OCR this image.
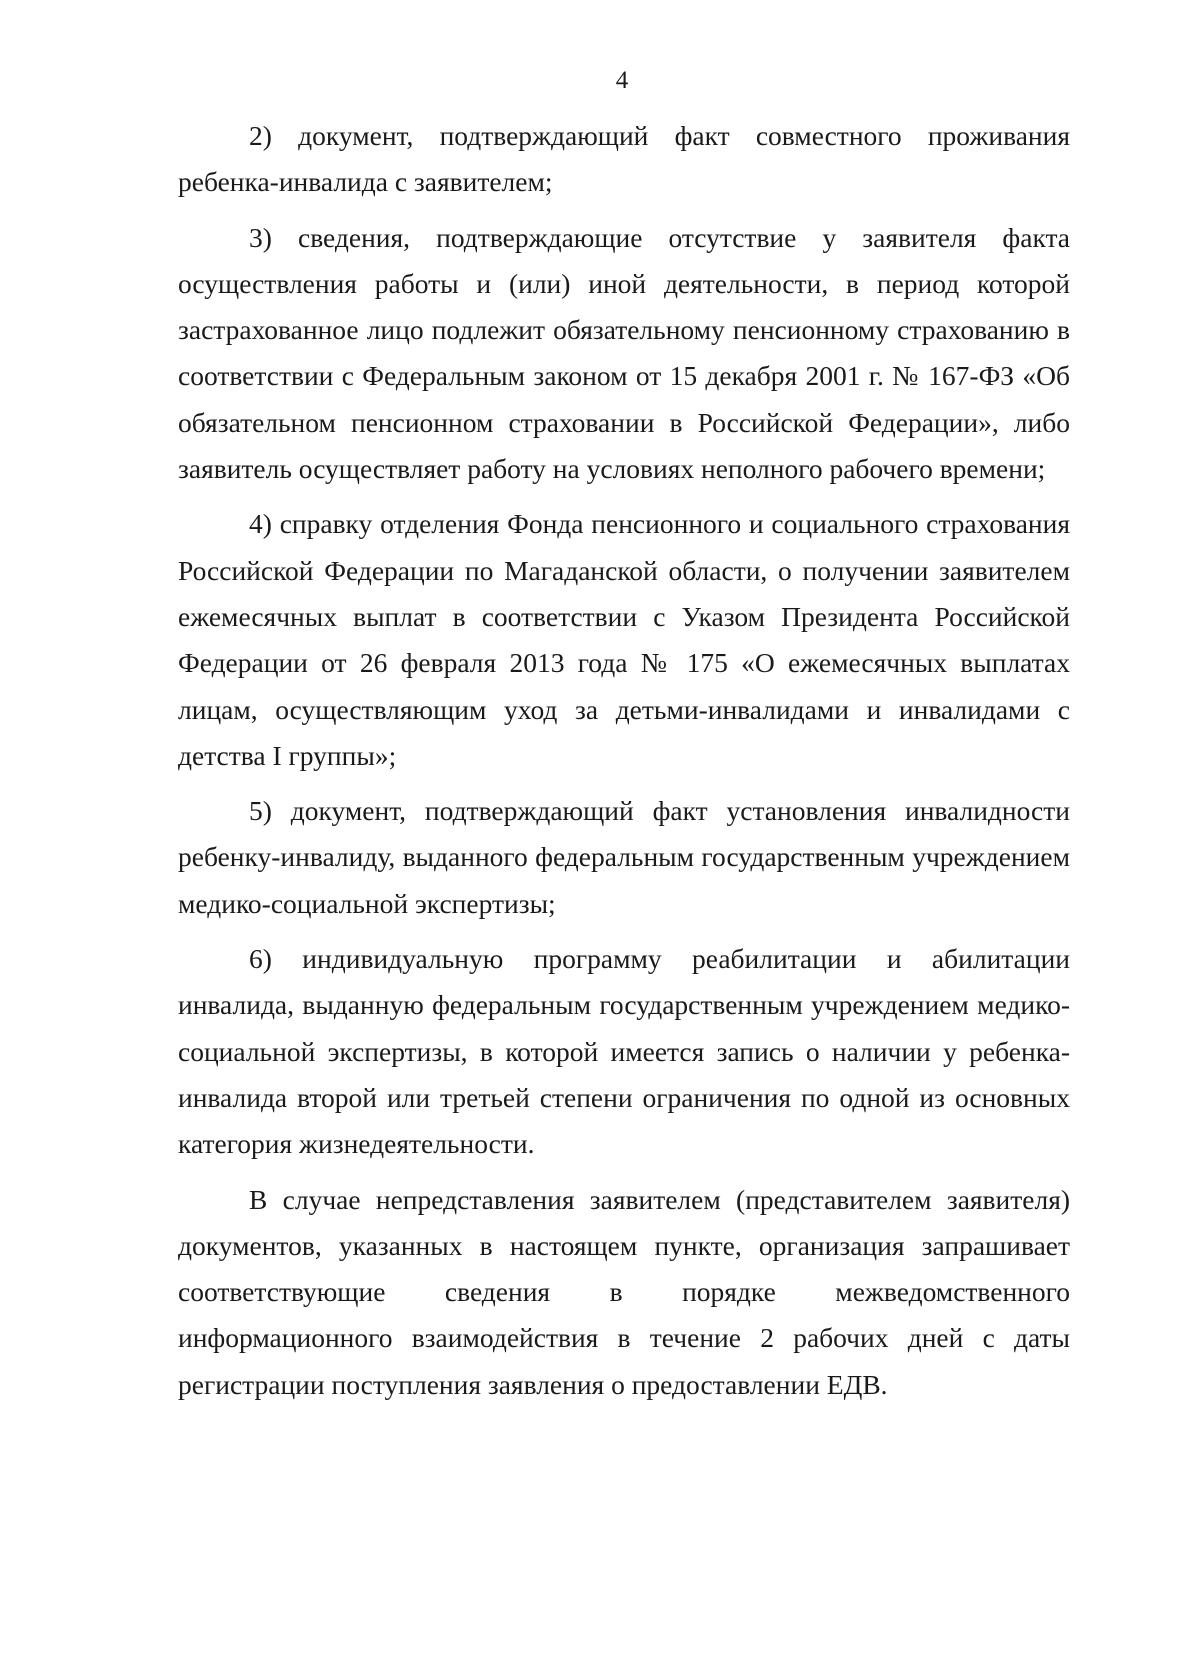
4

2) документ, подтверждающий факт совместного проживания ребенка-инвалида с заявителем;

3) сведения, подтверждающие отсутствие у заявителя факта осуществления работы и (или) иной деятельности, в период которой застрахованное лицо подлежит обязательному пенсионному страхованию в соответствии с Федеральным законом от 15 декабря 2001 г. № 167-ФЗ «Об обязательном пенсионном страховании в Российской Федерации», либо заявитель осуществляет работу на условиях неполного рабочего времени;

4) справку отделения Фонда пенсионного и социального страхования Российской Федерации по Магаданской области, о получении заявителем ежемесячных выплат в соответствии с Указом Президента Российской Федерации от 26 февраля 2013 года № 175 «О ежемесячных выплатах лицам, осуществляющим уход за детьми-инвалидами и инвалидами с детства I группы»;

5) документ, подтверждающий факт установления инвалидности ребенку-инвалиду, выданного федеральным государственным учреждением медико-социальной экспертизы;

6) индивидуальную программу реабилитации и абилитации инвалида, выданную федеральным государственным учреждением медико-социальной экспертизы, в которой имеется запись о наличии у ребенка-инвалида второй или третьей степени ограничения по одной из основных категория жизнедеятельности.

В случае непредставления заявителем (представителем заявителя) документов, указанных в настоящем пункте, организация запрашивает соответствующие сведения в порядке межведомственного информационного взаимодействия в течение 2 рабочих дней с даты регистрации поступления заявления о предоставлении ЕДВ.
